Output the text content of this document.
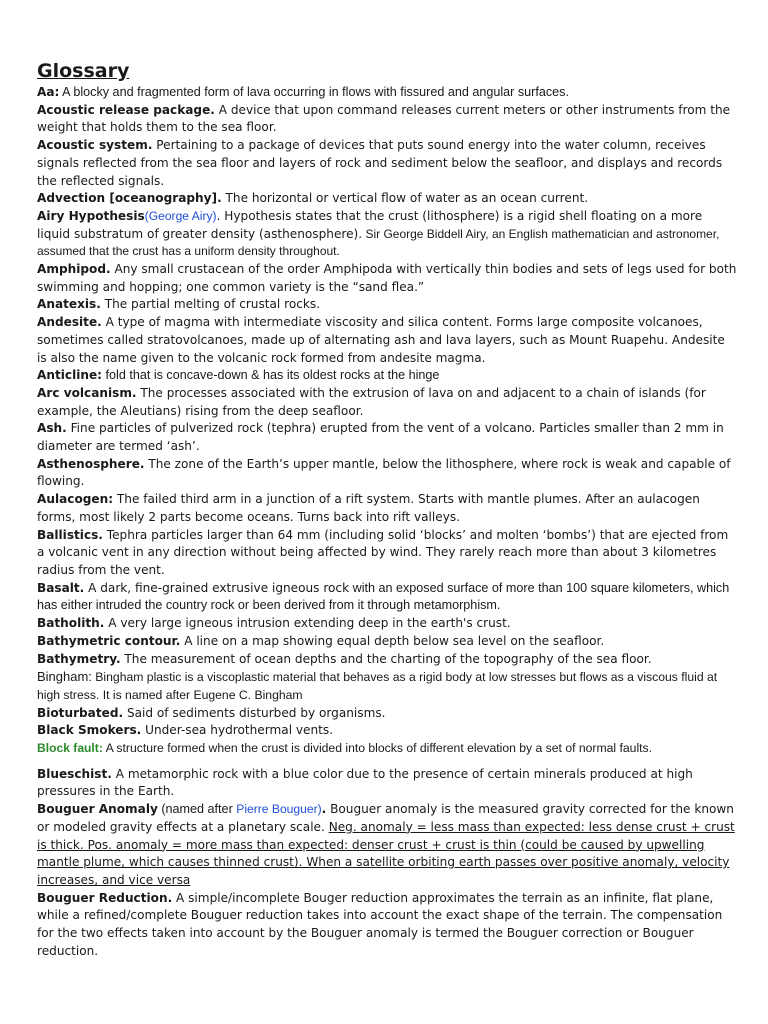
Glossary

Aa: A blocky and fragmented form of lava occurring in flows with fissured and angular surfaces.

Acoustic release package. A device that upon command releases current meters or other instruments from the weight that holds them to the sea floor.

Acoustic system. Pertaining to a package of devices that puts sound energy into the water column, receives signals reflected from the sea floor and layers of rock and sediment below the seafloor, and displays and records the reflected signals.

Advection [oceanography]. The horizontal or vertical flow of water as an ocean current.

Airy Hypothesis(George Airy). Hypothesis states that the crust (lithosphere) is a rigid shell floating on a more liquid substratum of greater density (asthenosphere). Sir George Biddell Airy, an English mathematician and astronomer, assumed that the crust has a uniform density throughout.

Amphipod. Any small crustacean of the order Amphipoda with vertically thin bodies and sets of legs used for both swimming and hopping; one common variety is the “sand flea.”

Anatexis. The partial melting of crustal rocks.

Andesite. A type of magma with intermediate viscosity and silica content. Forms large composite volcanoes, sometimes called stratovolcanoes, made up of alternating ash and lava layers, such as Mount Ruapehu. Andesite is also the name given to the volcanic rock formed from andesite magma.

Anticline: fold that is concave-down & has its oldest rocks at the hinge

Arc volcanism. The processes associated with the extrusion of lava on and adjacent to a chain of islands (for example, the Aleutians) rising from the deep seafloor.

Ash. Fine particles of pulverized rock (tephra) erupted from the vent of a volcano. Particles smaller than 2 mm in diameter are termed ‘ash’.

Asthenosphere. The zone of the Earth’s upper mantle, below the lithosphere, where rock is weak and capable of flowing.

Aulacogen: The failed third arm in a junction of a rift system. Starts with mantle plumes. After an aulacogen forms, most likely 2 parts become oceans. Turns back into rift valleys.

Ballistics. Tephra particles larger than 64 mm (including solid ‘blocks’ and molten ‘bombs’) that are ejected from a volcanic vent in any direction without being affected by wind. They rarely reach more than about 3 kilometres radius from the vent.

Basalt. A dark, fine-grained extrusive igneous rock with an exposed surface of more than 100 square kilometers, which has either intruded the country rock or been derived from it through metamorphism.

Batholith. A very large igneous intrusion extending deep in the earth's crust.

Bathymetric contour. A line on a map showing equal depth below sea level on the seafloor.

Bathymetry. The measurement of ocean depths and the charting of the topography of the sea floor.

Bingham: Bingham plastic is a viscoplastic material that behaves as a rigid body at low stresses but flows as a viscous fluid at high stress. It is named after Eugene C. Bingham

Bioturbated. Said of sediments disturbed by organisms.

Black Smokers. Under-sea hydrothermal vents.

Block fault: A structure formed when the crust is divided into blocks of different elevation by a set of normal faults.

Blueschist. A metamorphic rock with a blue color due to the presence of certain minerals produced at high pressures in the Earth.

Bouguer Anomaly (named after Pierre Bouguer). Bouguer anomaly is the measured gravity corrected for the known or modeled gravity effects at a planetary scale. Neg. anomaly = less mass than expected: less dense crust + crust is thick. Pos. anomaly = more mass than expected: denser crust + crust is thin (could be caused by upwelling mantle plume, which causes thinned crust). When a satellite orbiting earth passes over positive anomaly, velocity increases, and vice versa

Bouguer Reduction. A simple/incomplete Bouger reduction approximates the terrain as an infinite, flat plane, while a refined/complete Bouguer reduction takes into account the exact shape of the terrain. The compensation for the two effects taken into account by the Bouguer anomaly is termed the Bouguer correction or Bouguer reduction.
